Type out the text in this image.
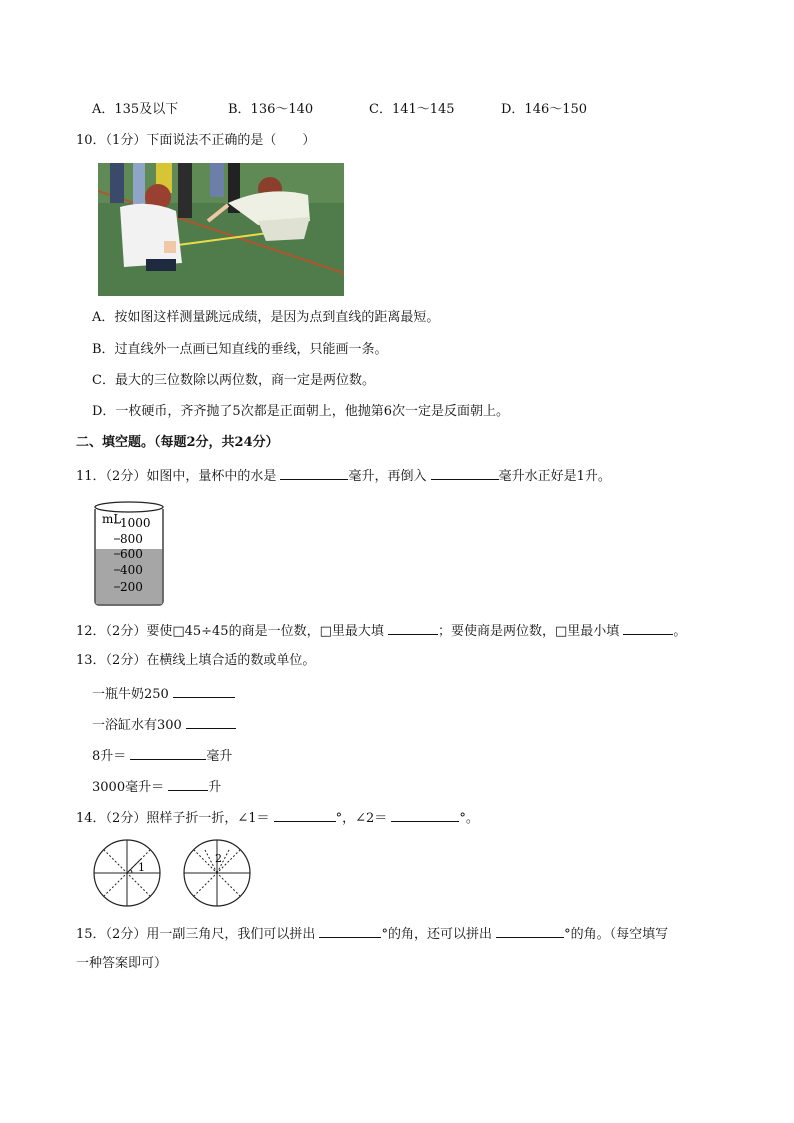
A．135及以下	B．136～140	C．141～145	D．146～150
10．（1分）下面说法不正确的是（　　）
A．按如图这样测量跳远成绩，是因为点到直线的距离最短。
B．过直线外一点画已知直线的垂线，只能画一条。
C．最大的三位数除以两位数，商一定是两位数。
D．一枚硬币，齐齐抛了5次都是正面朝上，他抛第6次一定是反面朝上。
二、填空题。（每题2分，共24分）
11．（2分）如图中，量杯中的水是	毫升，再倒入	毫升水正好是1升。
mL
1000
800
600
400
200
12．（2分）要使□45÷45的商是一位数，□里最大填	；要使商是两位数，□里最小填	。
13．（2分）在横线上填合适的数或单位。
一瓶牛奶250
一浴缸水有300
8升＝	毫升
3000毫升＝	升
14．（2分）照样子折一折，∠1＝	°，∠2＝	°。
1
2
15．（2分）用一副三角尺，我们可以拼出	°的角，还可以拼出	°的角。（每空填写
一种答案即可）
